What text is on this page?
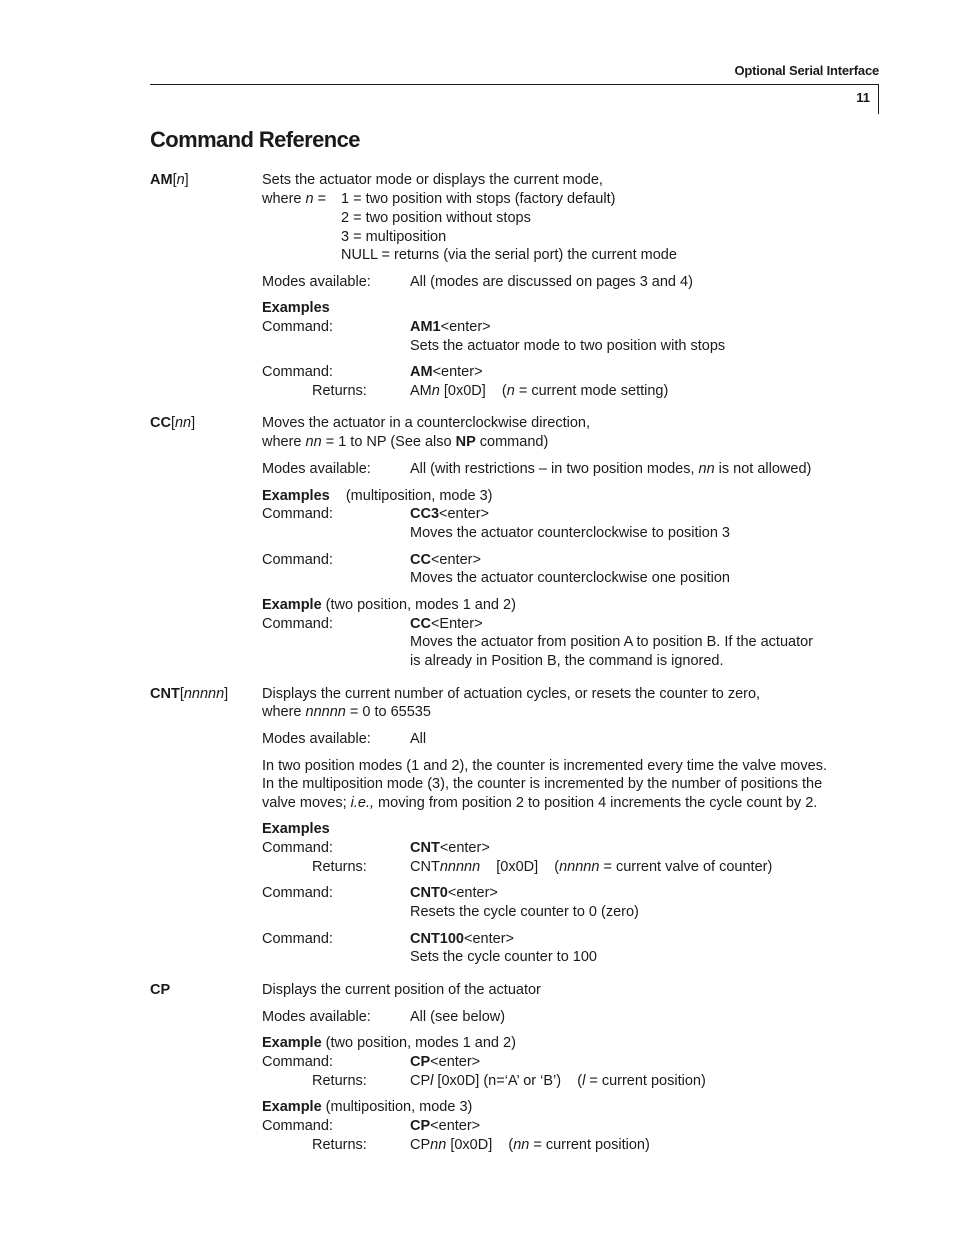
Optional Serial Interface
11
Command Reference
AM[n]	Sets the actuator mode or displays the current mode,
where n = 1 = two position with stops (factory default)
2 = two position without stops
3 = multiposition
NULL = returns (via the serial port) the current mode
Modes available:	All (modes are discussed on pages 3 and 4)
Examples
Command:	AM1<enter>
Sets the actuator mode to two position with stops
Command:	AM<enter>
Returns:	AMn [0x0D]    (n = current mode setting)
CC[nn]	Moves the actuator in a counterclockwise direction,
where nn = 1 to NP (See also NP command)
Modes available:	All (with restrictions – in two position modes, nn is not allowed)
Examples (multiposition, mode 3)
Command:	CC3<enter>
Moves the actuator counterclockwise to position 3
Command:	CC<enter>
Moves the actuator counterclockwise one position
Example (two position, modes 1 and 2)
Command:	CC<Enter>
Moves the actuator from position A to position B. If the actuator
is already in Position B, the command is ignored.
CNT[nnnnn] Displays the current number of actuation cycles, or resets the counter to zero,
where nnnnn = 0 to 65535
Modes available:	All
In two position modes (1 and 2), the counter is incremented every time the valve moves.
In the multiposition mode (3), the counter is incremented by the number of positions the
valve moves; i.e., moving from position 2 to position 4 increments the cycle count by 2.
Examples
Command:	CNT<enter>
Returns:	CNTnnnnn    [0x0D]    (nnnnn = current valve of counter)
Command:	CNT0<enter>
Resets the cycle counter to 0 (zero)
Command:	CNT100<enter>
Sets the cycle counter to 100
CP	Displays the current position of the actuator
Modes available:	All (see below)
Example (two position, modes 1 and 2)
Command:	CP<enter>
Returns:	CPl [0x0D] (n=‘A’ or ‘B’)    (l = current position)
Example (multiposition, mode 3)
Command:	CP<enter>
Returns:	CPnn [0x0D]    (nn = current position)
